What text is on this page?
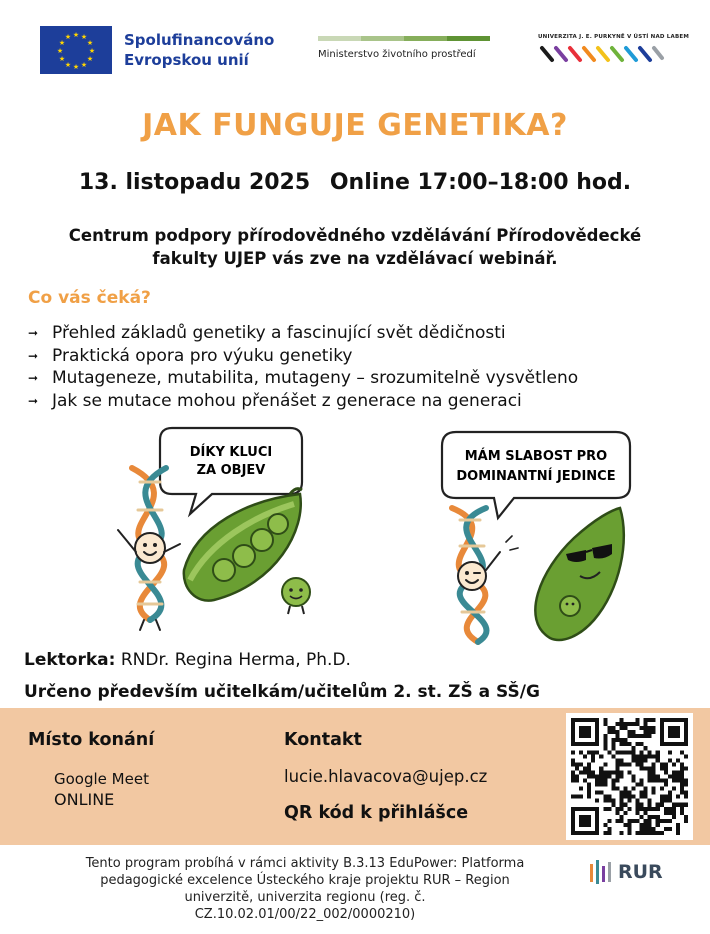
★ ★
★
★
★
★
★
★
★
★
★
★	Spolufinancováno
Evropskou unií	Ministerstvo životního prostředí
UNIVERZITA J. E. PURKYNĚ V ÚSTÍ NAD LABEM
JAK FUNGUJE GENETIKA?
13. listopadu 2025 Online 17:00–18:00 hod.
Centrum podpory přírodovědného vzdělávání Přírodovědecké
fakulty UJEP vás zve na vzdělávací webinář.
Co vás čeká?
➞ Přehled základů genetiky a fascinující svět dědičnosti
➞ Praktická opora pro výuku genetiky
➞ Mutageneze, mutabilita, mutageny – srozumitelně vysvětleno
➞ Jak se mutace mohou přenášet z generace na generaci
DÍKY KLUCI
ZA OBJEV
MÁM SLABOST PRO
DOMINANTNÍ JEDINCE
Lektorka: RNDr. Regina Herma, Ph.D.
Určeno především učitelkám/učitelům 2. st. ZŠ a SŠ/G
Místo konání
Google Meet
ONLINE
Kontakt
lucie.hlavacova@ujep.cz
QR kód k přihlášce
Tento program probíhá v rámci aktivity B.3.13 EduPower: Platforma
pedagogické excelence Ústeckého kraje projektu RUR – Region
univerzitě, univerzita regionu (reg. č.
CZ.10.02.01/00/22_002/0000210)
RUR
